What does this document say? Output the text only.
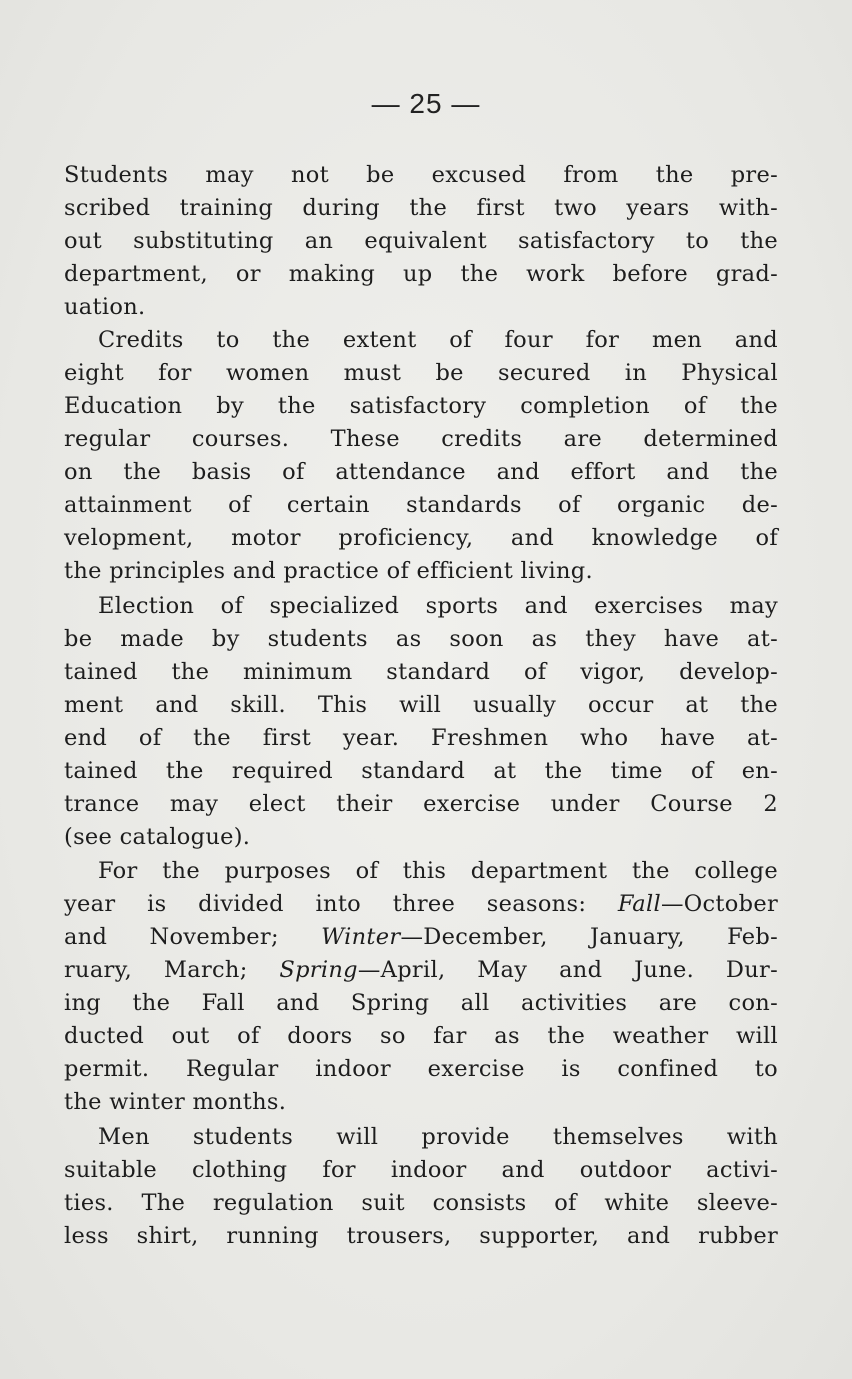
— 25 —
Students may not be excused from the pre-
scribed training during the first two years with-
out substituting an equivalent satisfactory to the
department, or making up the work before grad-
uation.
Credits to the extent of four for men and
eight for women must be secured in Physical
Education by the satisfactory completion of the
regular courses. These credits are determined
on the basis of attendance and effort and the
attainment of certain standards of organic de-
velopment, motor proficiency, and knowledge of
the principles and practice of efficient living.
Election of specialized sports and exercises may
be made by students as soon as they have at-
tained the minimum standard of vigor, develop-
ment and skill. This will usually occur at the
end of the first year. Freshmen who have at-
tained the required standard at the time of en-
trance may elect their exercise under Course 2
(see catalogue).
For the purposes of this department the college
year is divided into three seasons: Fall—October
and November; Winter—December, January, Feb-
ruary, March; Spring—April, May and June. Dur-
ing the Fall and Spring all activities are con-
ducted out of doors so far as the weather will
permit. Regular indoor exercise is confined to
the winter months.
Men students will provide themselves with
suitable clothing for indoor and outdoor activi-
ties. The regulation suit consists of white sleeve-
less shirt, running trousers, supporter, and rubber
